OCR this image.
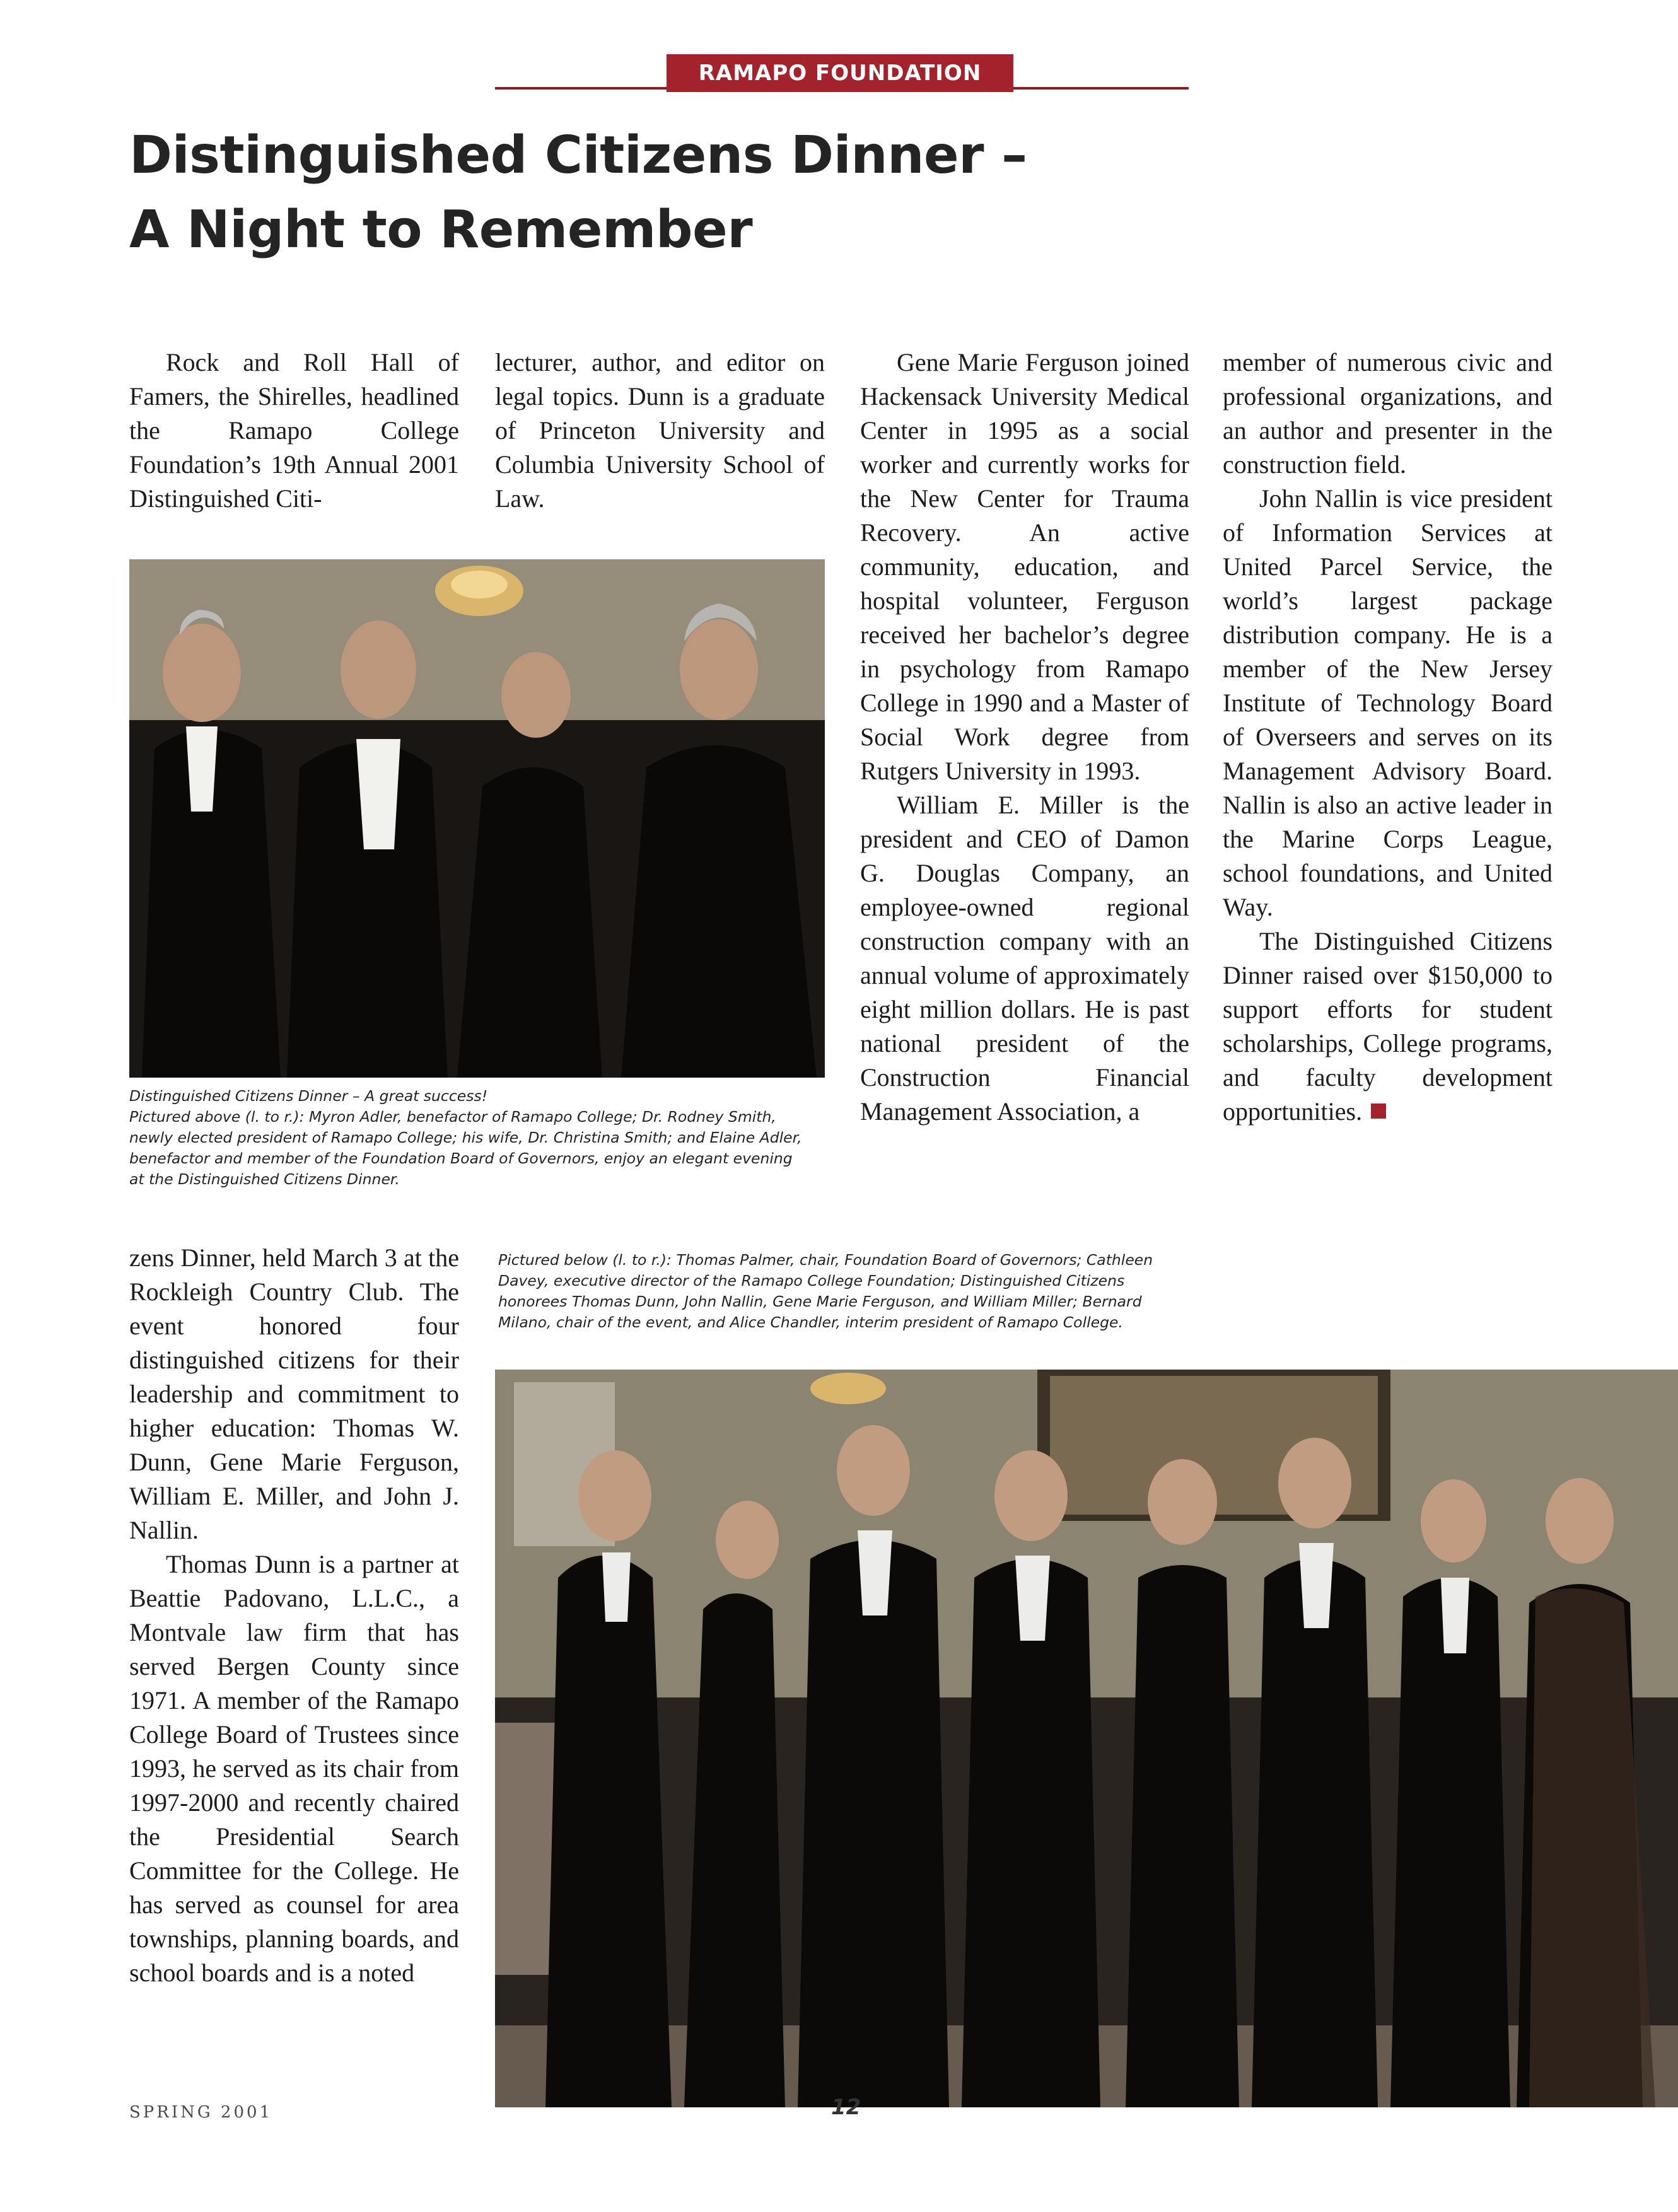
RAMAPO FOUNDATION
Distinguished Citizens Dinner –
A Night to Remember

Rock and Roll Hall of Famers, the Shirelles, headlined the Ramapo College Foundation’s 19th Annual 2001 Distinguished Citi-

lecturer, author, and editor on legal topics. Dunn is a graduate of Princeton University and Columbia University School of Law.

Gene Marie Ferguson joined Hackensack University Medical Center in 1995 as a social worker and currently works for the New Center for Trauma Recovery. An active community, education, and hospital volunteer, Ferguson received her bachelor’s degree in psychology from Ramapo College in 1990 and a Master of Social Work degree from Rutgers University in 1993.

William E. Miller is the president and CEO of Damon G. Douglas Company, an employee-owned regional construction company with an annual volume of approximately eight million dollars. He is past national president of the Construction Financial Management Association, a

member of numerous civic and professional organizations, and an author and presenter in the construction field.

John Nallin is vice president of Information Services at United Parcel Service, the world’s largest package distribution company. He is a member of the New Jersey Institute of Technology Board of Overseers and serves on its Management Advisory Board. Nallin is also an active leader in the Marine Corps League, school foundations, and United Way.

The Distinguished Citizens Dinner raised over $150,000 to support efforts for student scholarships, College programs, and faculty development opportunities.

Distinguished Citizens Dinner – A great success!
Pictured above (l. to r.): Myron Adler, benefactor of Ramapo College; Dr. Rodney Smith,
newly elected president of Ramapo College; his wife, Dr. Christina Smith; and Elaine Adler,
benefactor and member of the Foundation Board of Governors, enjoy an elegant evening
at the Distinguished Citizens Dinner.

zens Dinner, held March 3 at the Rockleigh Country Club. The event honored four distinguished citizens for their leadership and commitment to higher education: Thomas W. Dunn, Gene Marie Ferguson, William E. Miller, and John J. Nallin.

Thomas Dunn is a partner at Beattie Padovano, L.L.C., a Montvale law firm that has served Bergen County since 1971. A member of the Ramapo College Board of Trustees since 1993, he served as its chair from 1997-2000 and recently chaired the Presidential Search Committee for the College. He has served as counsel for area townships, planning boards, and school boards and is a noted

Pictured below (l. to r.): Thomas Palmer, chair, Foundation Board of Governors; Cathleen
Davey, executive director of the Ramapo College Foundation; Distinguished Citizens
honorees Thomas Dunn, John Nallin, Gene Marie Ferguson, and William Miller; Bernard
Milano, chair of the event, and Alice Chandler, interim president of Ramapo College.

SPRING 2001	12
